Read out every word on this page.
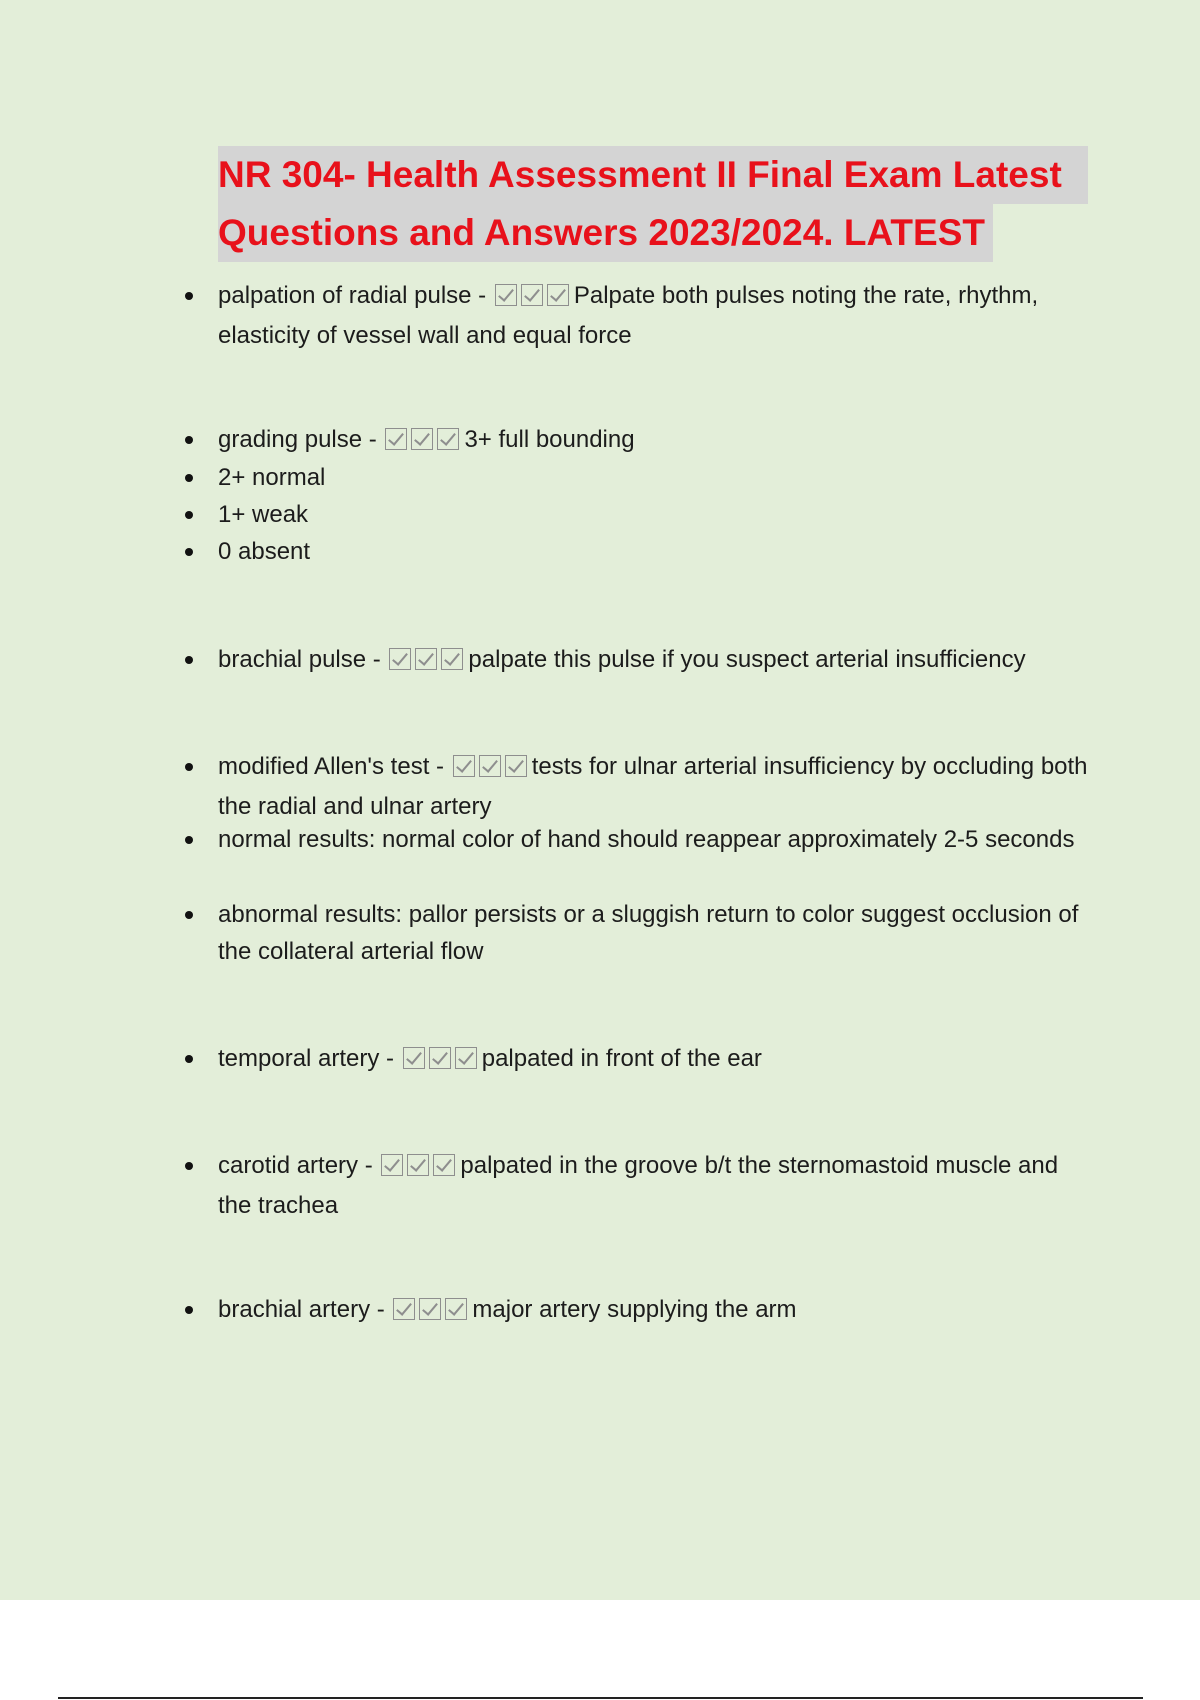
NR 304- Health Assessment II Final Exam Latest Questions and Answers 2023/2024. LATEST
palpation of radial pulse -	Palpate both pulses noting the rate, rhythm, elasticity of vessel wall and equal force
grading pulse -	3+ full bounding
2+ normal
1+ weak
0 absent
brachial pulse -	palpate this pulse if you suspect arterial insufficiency
modified Allen's test -	tests for ulnar arterial insufficiency by occluding both the radial and ulnar artery
normal results: normal color of hand should reappear approximately 2-5 seconds
abnormal results: pallor persists or a sluggish return to color suggest occlusion of the collateral arterial flow
temporal artery -	palpated in front of the ear
carotid artery -	palpated in the groove b/t the sternomastoid muscle and the trachea
brachial artery -	major artery supplying the arm
